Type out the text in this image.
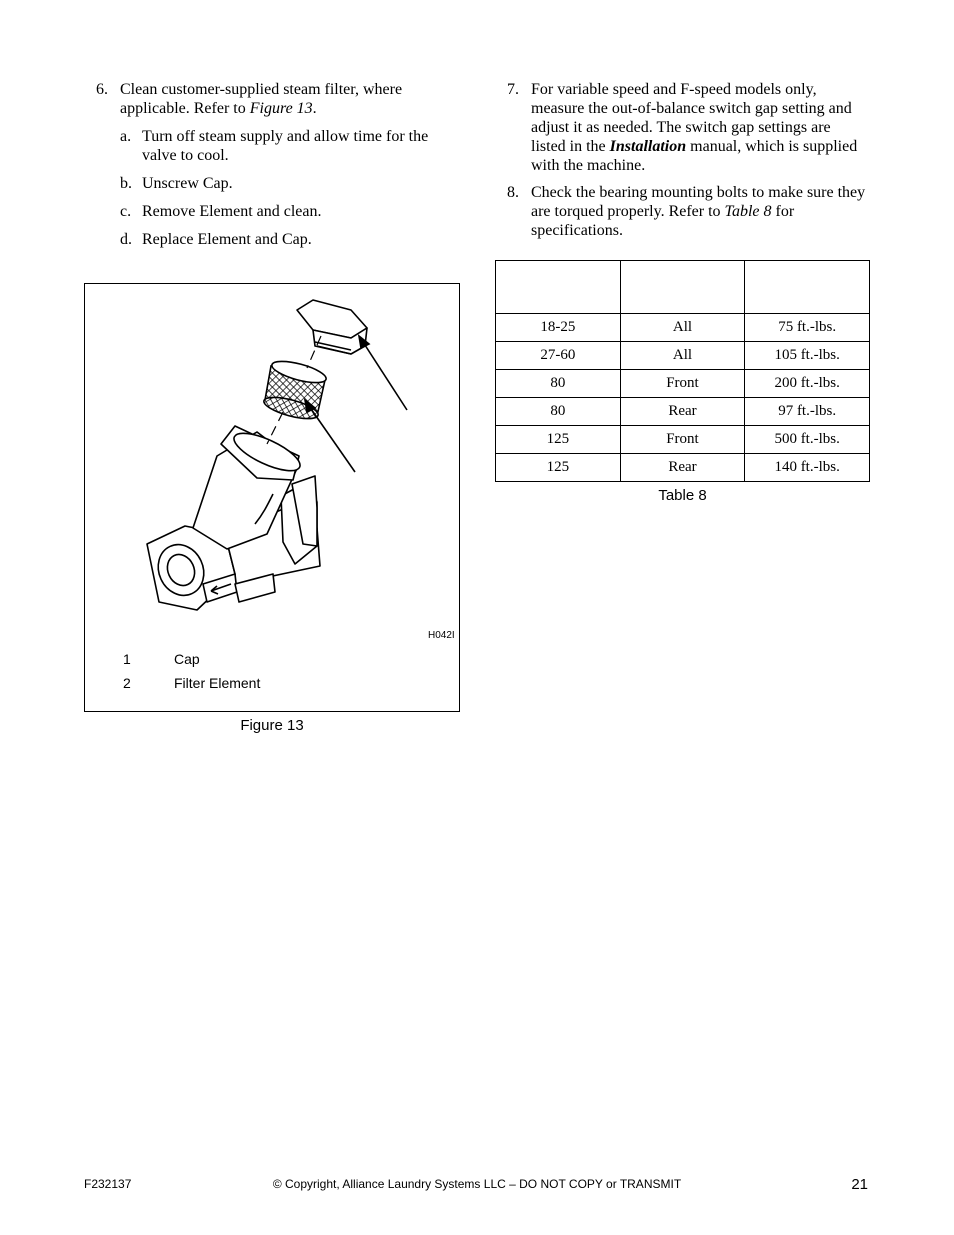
6. Clean customer-supplied steam filter, where applicable. Refer to Figure 13.
a. Turn off steam supply and allow time for the valve to cool.
b. Unscrew Cap.
c. Remove Element and clean.
d. Replace Element and Cap.
H042I
1	Cap
2	Filter Element
Figure 13
7. For variable speed and F-speed models only, measure the out-of-balance switch gap setting and adjust it as needed. The switch gap settings are listed in the Installation manual, which is supplied with the machine.
8. Check the bearing mounting bolts to make sure they are torqued properly. Refer to Table 8 for specifications.

18-25	All	75 ft.-lbs.
27-60	All	105 ft.-lbs.
80	Front	200 ft.-lbs.
80	Rear	97 ft.-lbs.
125	Front	500 ft.-lbs.
125	Rear	140 ft.-lbs.
Table 8
F232137	© Copyright, Alliance Laundry Systems LLC – DO NOT COPY or TRANSMIT	21
